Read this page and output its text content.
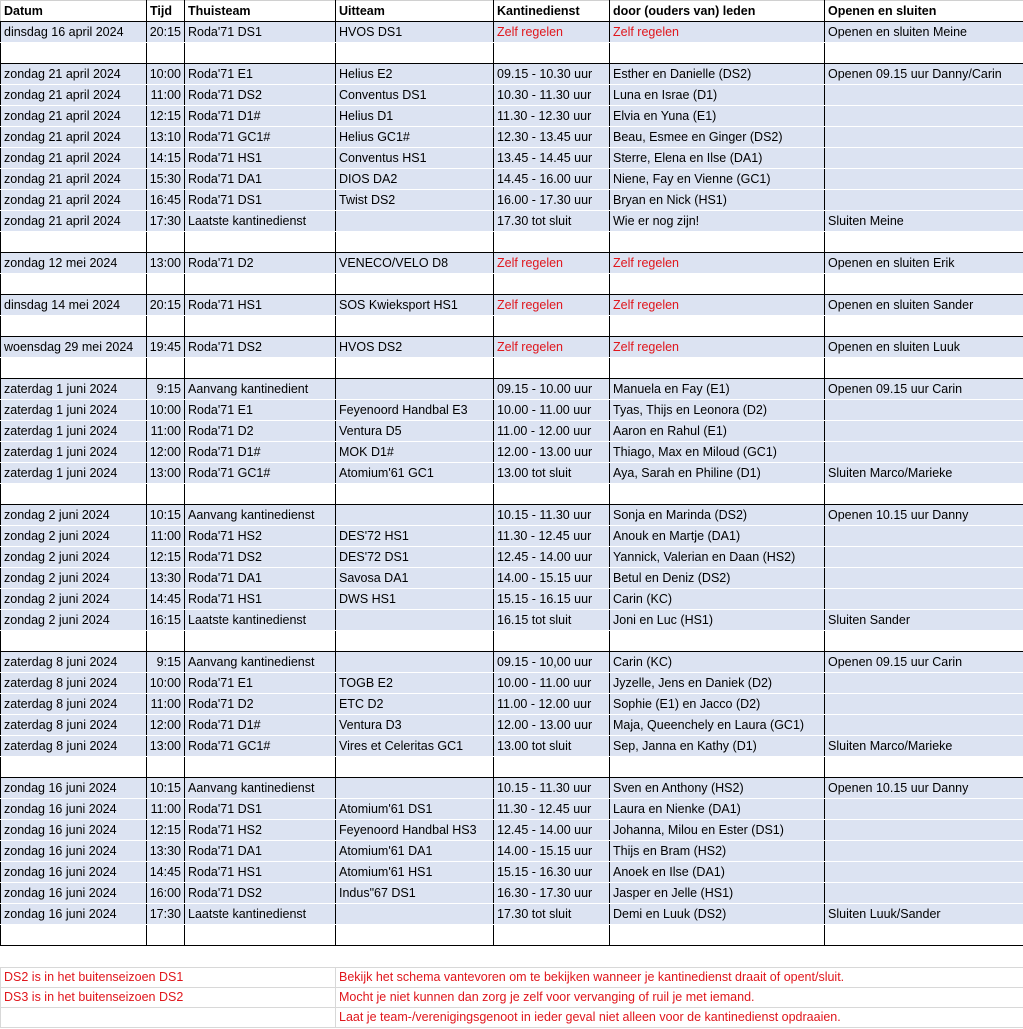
Datum	Tijd	Thuisteam	Uitteam	Kantinedienst	door (ouders van) leden	Openen en sluiten
dinsdag 16 april 2024	20:15	Roda'71 DS1	HVOS DS1	Zelf regelen	Zelf regelen	Openen en sluiten Meine

zondag 21 april 2024	10:00	Roda'71 E1	Helius E2	09.15 - 10.30 uur	Esther en Danielle (DS2)	Openen 09.15 uur Danny/Carin
zondag 21 april 2024	11:00	Roda'71 DS2	Conventus DS1	10.30 - 11.30 uur	Luna en Israe (D1)	
zondag 21 april 2024	12:15	Roda'71 D1#	Helius D1	11.30 - 12.30 uur	Elvia en Yuna (E1)	
zondag 21 april 2024	13:10	Roda'71 GC1#	Helius GC1#	12.30 - 13.45 uur	Beau, Esmee en Ginger (DS2)	
zondag 21 april 2024	14:15	Roda'71 HS1	Conventus HS1	13.45 - 14.45 uur	Sterre, Elena en Ilse (DA1)	
zondag 21 april 2024	15:30	Roda'71 DA1	DIOS DA2	14.45 - 16.00 uur	Niene, Fay en Vienne (GC1)	
zondag 21 april 2024	16:45	Roda'71 DS1	Twist DS2	16.00 - 17.30 uur	Bryan en Nick (HS1)	
zondag 21 april 2024	17:30	Laatste kantinedienst		17.30 tot sluit	Wie er nog zijn!	Sluiten Meine

zondag 12 mei 2024	13:00	Roda'71 D2	VENECO/VELO D8	Zelf regelen	Zelf regelen	Openen en sluiten Erik

dinsdag 14 mei 2024	20:15	Roda'71 HS1	SOS Kwieksport HS1	Zelf regelen	Zelf regelen	Openen en sluiten Sander

woensdag 29 mei 2024	19:45	Roda'71 DS2	HVOS DS2	Zelf regelen	Zelf regelen	Openen en sluiten Luuk

zaterdag 1 juni 2024	9:15	Aanvang kantinedient		09.15 - 10.00 uur	Manuela en Fay (E1)	Openen 09.15 uur Carin
zaterdag 1 juni 2024	10:00	Roda'71 E1	Feyenoord Handbal E3	10.00 - 11.00 uur	Tyas, Thijs en Leonora (D2)	
zaterdag 1 juni 2024	11:00	Roda'71 D2	Ventura D5	11.00 - 12.00 uur	Aaron en Rahul (E1)	
zaterdag 1 juni 2024	12:00	Roda'71 D1#	MOK D1#	12.00 - 13.00 uur	Thiago, Max en Miloud (GC1)	
zaterdag 1 juni 2024	13:00	Roda'71 GC1#	Atomium'61 GC1	13.00 tot sluit	Aya, Sarah en Philine (D1)	Sluiten Marco/Marieke

zondag 2 juni 2024	10:15	Aanvang kantinedienst		10.15 - 11.30 uur	Sonja en Marinda (DS2)	Openen 10.15 uur Danny
zondag 2 juni 2024	11:00	Roda'71 HS2	DES'72 HS1	11.30 - 12.45 uur	Anouk en Martje (DA1)	
zondag 2 juni 2024	12:15	Roda'71 DS2	DES'72 DS1	12.45 - 14.00 uur	Yannick, Valerian en Daan (HS2)	
zondag 2 juni 2024	13:30	Roda'71 DA1	Savosa DA1	14.00 - 15.15 uur	Betul en Deniz (DS2)	
zondag 2 juni 2024	14:45	Roda'71 HS1	DWS HS1	15.15 - 16.15 uur	Carin (KC)	
zondag 2 juni 2024	16:15	Laatste kantinedienst		16.15 tot sluit	Joni en Luc (HS1)	Sluiten Sander

zaterdag 8 juni 2024	9:15	Aanvang kantinedienst		09.15 - 10,00 uur	Carin (KC)	Openen 09.15 uur Carin
zaterdag 8 juni 2024	10:00	Roda'71 E1	TOGB E2	10.00 - 11.00 uur	Jyzelle, Jens en Daniek (D2)	
zaterdag 8 juni 2024	11:00	Roda'71 D2	ETC D2	11.00 - 12.00 uur	Sophie (E1) en Jacco (D2)	
zaterdag 8 juni 2024	12:00	Roda'71 D1#	Ventura D3	12.00 - 13.00 uur	Maja, Queenchely en Laura (GC1)	
zaterdag 8 juni 2024	13:00	Roda'71 GC1#	Vires et Celeritas GC1	13.00 tot sluit	Sep, Janna en Kathy (D1)	Sluiten Marco/Marieke

zondag 16 juni 2024	10:15	Aanvang kantinedienst		10.15 - 11.30 uur	Sven en Anthony (HS2)	Openen 10.15 uur Danny
zondag 16 juni 2024	11:00	Roda'71 DS1	Atomium'61 DS1	11.30 - 12.45 uur	Laura en Nienke (DA1)	
zondag 16 juni 2024	12:15	Roda'71 HS2	Feyenoord Handbal HS3	12.45 - 14.00 uur	Johanna, Milou en Ester (DS1)	
zondag 16 juni 2024	13:30	Roda'71 DA1	Atomium'61 DA1	14.00 - 15.15 uur	Thijs en Bram (HS2)	
zondag 16 juni 2024	14:45	Roda'71 HS1	Atomium'61 HS1	15.15 - 16.30 uur	Anoek en Ilse (DA1)	
zondag 16 juni 2024	16:00	Roda'71 DS2	Indus"67 DS1	16.30 - 17.30 uur	Jasper en Jelle (HS1)	
zondag 16 juni 2024	17:30	Laatste kantinedienst		17.30 tot sluit	Demi en Luuk (DS2)	Sluiten Luuk/Sander

DS2 is in het buitenseizoen DS1	Bekijk het schema vantevoren om te bekijken wanneer je kantinedienst draait of opent/sluit.
DS3 is in het buitenseizoen DS2	Mocht je niet kunnen dan zorg je zelf voor vervanging of ruil je met iemand.
	Laat je team-/verenigingsgenoot in ieder geval niet alleen voor de kantinedienst opdraaien.
